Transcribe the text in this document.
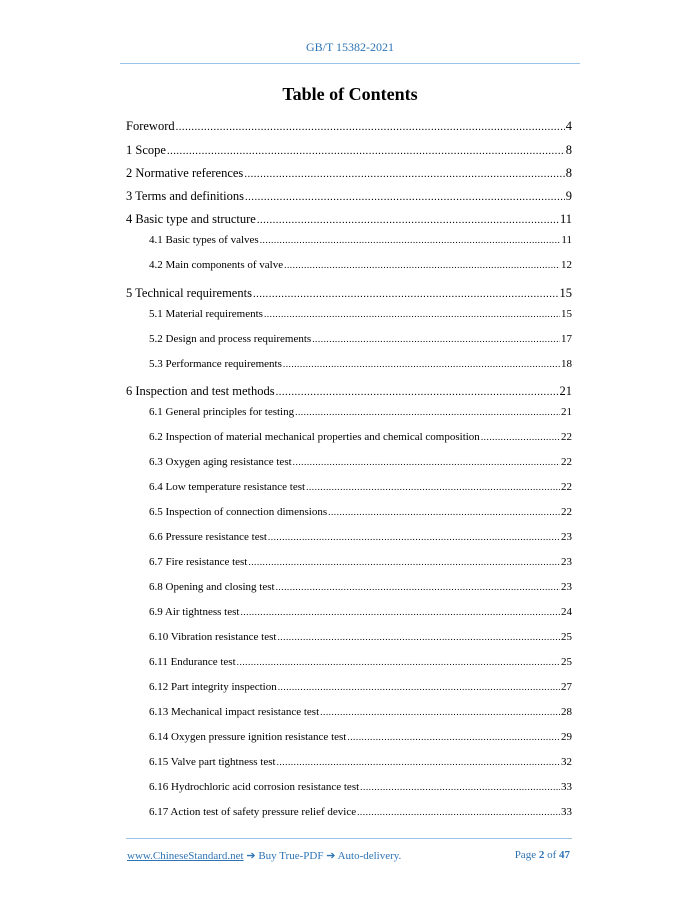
GB/T 15382-2021
Table of Contents
Foreword .....	4
1 Scope .....	8
2 Normative references .....	8
3 Terms and definitions .....	9
4 Basic type and structure .....	11
4.1 Basic types of valves .....	11
4.2 Main components of valve .....	12
5 Technical requirements .....	15
5.1 Material requirements .....	15
5.2 Design and process requirements .....	17
5.3 Performance requirements .....	18
6 Inspection and test methods .....	21
6.1 General principles for testing .....	21
6.2 Inspection of material mechanical properties and chemical composition .....	22
6.3 Oxygen aging resistance test .....	22
6.4 Low temperature resistance test .....	22
6.5 Inspection of connection dimensions .....	22
6.6 Pressure resistance test .....	23
6.7 Fire resistance test .....	23
6.8 Opening and closing test .....	23
6.9 Air tightness test .....	24
6.10 Vibration resistance test .....	25
6.11 Endurance test .....	25
6.12 Part integrity inspection .....	27
6.13 Mechanical impact resistance test .....	28
6.14 Oxygen pressure ignition resistance test .....	29
6.15 Valve part tightness test .....	32
6.16 Hydrochloric acid corrosion resistance test .....	33
6.17 Action test of safety pressure relief device .....	33
www.ChineseStandard.net ➔ Buy True-PDF ➔ Auto-delivery.	Page 2 of 47
